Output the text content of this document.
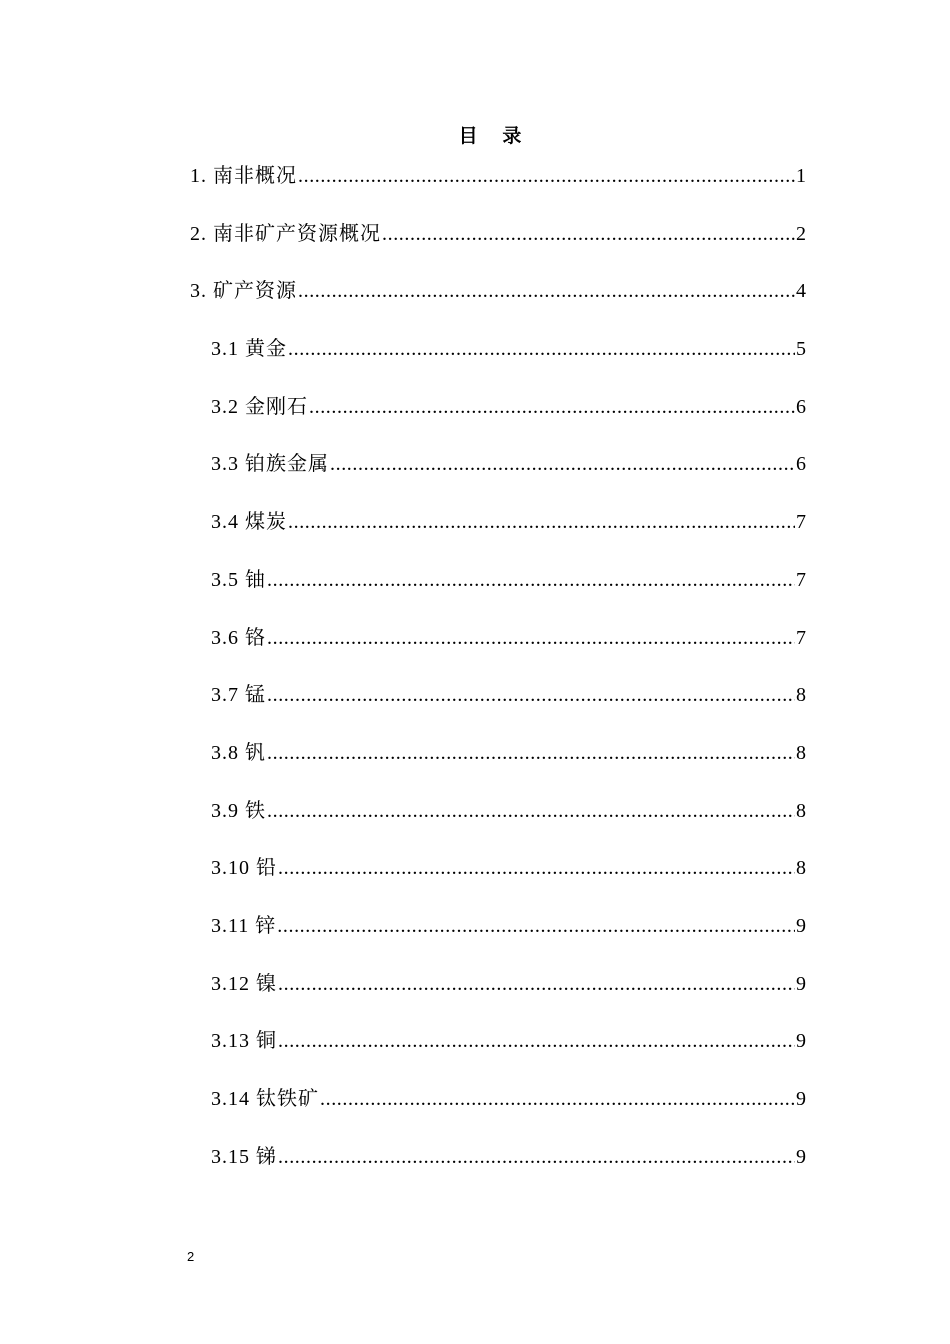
目 录
1. 南非概况 .....	1
2. 南非矿产资源概况 .....	2
3. 矿产资源 .....	4
3.1 黄金 .....	5
3.2 金刚石 .....	6
3.3 铂族金属 .....	6
3.4 煤炭 .....	7
3.5 铀 .....	7
3.6 铬 .....	7
3.7 锰 .....	8
3.8 钒 .....	8
3.9 铁 .....	8
3.10 铅 .....	8
3.11 锌 .....	9
3.12 镍 .....	9
3.13 铜 .....	9
3.14 钛铁矿 .....	9
3.15 锑 .....	9
2
